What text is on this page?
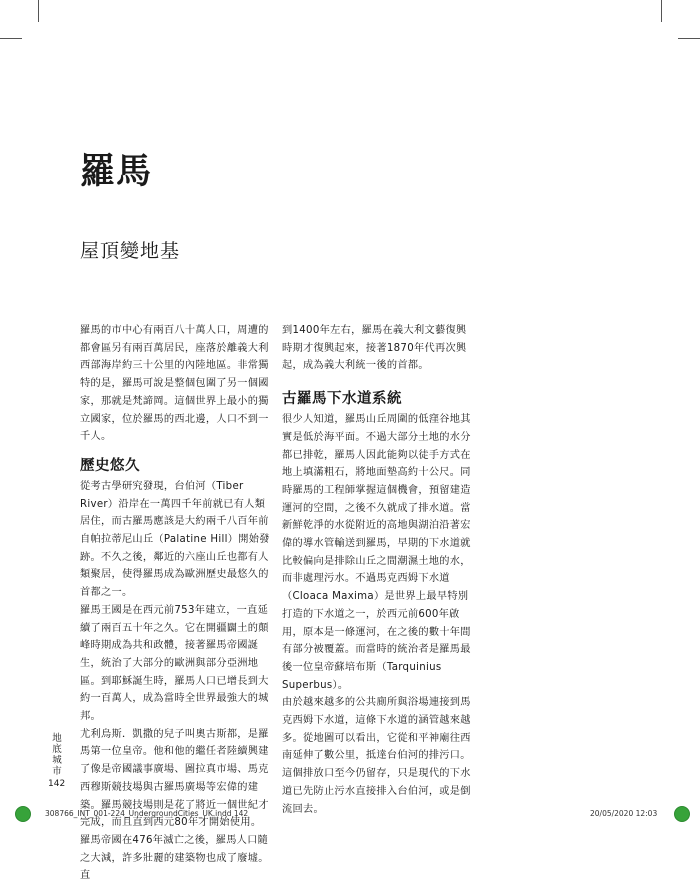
羅馬
屋頂變地基

羅馬的市中心有兩百八十萬人口，周遭的都會區另有兩百萬居民，座落於離義大利西部海岸約三十公里的內陸地區。非常獨特的是，羅馬可說是整個包圍了另一個國家，那就是梵諦岡。這個世界上最小的獨立國家，位於羅馬的西北邊，人口不到一千人。

歷史悠久

從考古學研究發現，台伯河（Tiber River）沿岸在一萬四千年前就已有人類居住，而古羅馬應該是大約兩千八百年前自帕拉蒂尼山丘（Palatine Hill）開始發跡。不久之後，鄰近的六座山丘也都有人類聚居，使得羅馬成為歐洲歷史最悠久的首都之一。

羅馬王國是在西元前753年建立，一直延續了兩百五十年之久。它在開疆闢土的顛峰時期成為共和政體，接著羅馬帝國誕生，統治了大部分的歐洲與部分亞洲地區。到耶穌誕生時，羅馬人口已增長到大約一百萬人，成為當時全世界最強大的城邦。

尤利烏斯．凱撒的兒子叫奧古斯都，是羅馬第一位皇帝。他和他的繼任者陸續興建了像是帝國議事廣場、圖拉真市場、馬克西穆斯競技場與古羅馬廣場等宏偉的建築。羅馬競技場則是花了將近一個世紀才完成，而且直到西元80年才開始使用。

羅馬帝國在476年滅亡之後，羅馬人口隨之大減，許多壯麗的建築物也成了廢墟。直

到1400年左右，羅馬在義大利文藝復興時期才復興起來，接著1870年代再次興起，成為義大利統一後的首都。

古羅馬下水道系統

很少人知道，羅馬山丘周圍的低窪谷地其實是低於海平面。不過大部分土地的水分都已排乾，羅馬人因此能夠以徒手方式在地上填滿粗石，將地面墊高約十公尺。同時羅馬的工程師掌握這個機會，預留建造運河的空間，之後不久就成了排水道。當新鮮乾淨的水從附近的高地與湖泊沿著宏偉的導水管輸送到羅馬，早期的下水道就比較偏向是排除山丘之間潮濕土地的水，而非處理污水。不過馬克西姆下水道（Cloaca Maxima）是世界上最早特別打造的下水道之一，於西元前600年啟用，原本是一條運河，在之後的數十年間有部分被覆蓋。而當時的統治者是羅馬最後一位皇帝蘇培布斯（Tarquinius Superbus）。

由於越來越多的公共廁所與浴場連接到馬克西姆下水道，這條下水道的涵管越來越多。從地圖可以看出，它從和平神廟往西南延伸了數公里，抵達台伯河的排污口。這個排放口至今仍留存，只是現代的下水道已先防止污水直接排入台伯河，或是倒流回去。

地
底
城
市
142
308766_INT_001-224_UndergroundCities_UK.indd 142	20/05/2020 12:03
